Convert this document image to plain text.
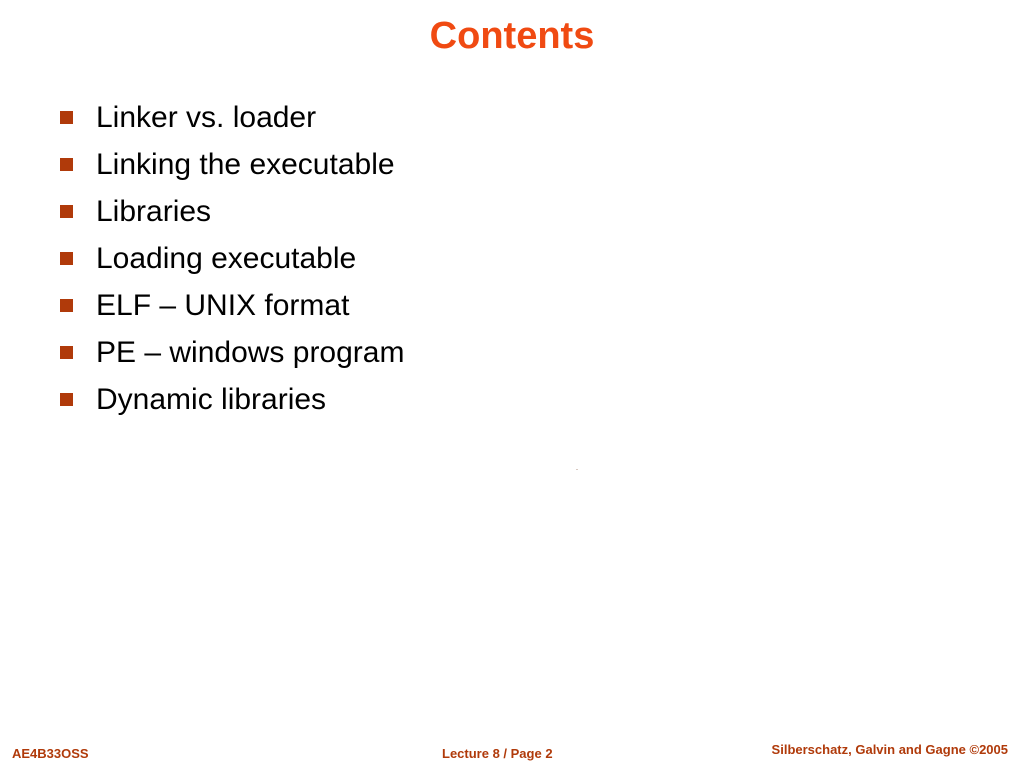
Contents
Linker vs. loader
Linking the executable
Libraries
Loading executable
ELF – UNIX format
PE – windows program
Dynamic libraries
AE4B33OSS	Lecture 8 / Page 2	Silberschatz, Galvin and Gagne ©2005
